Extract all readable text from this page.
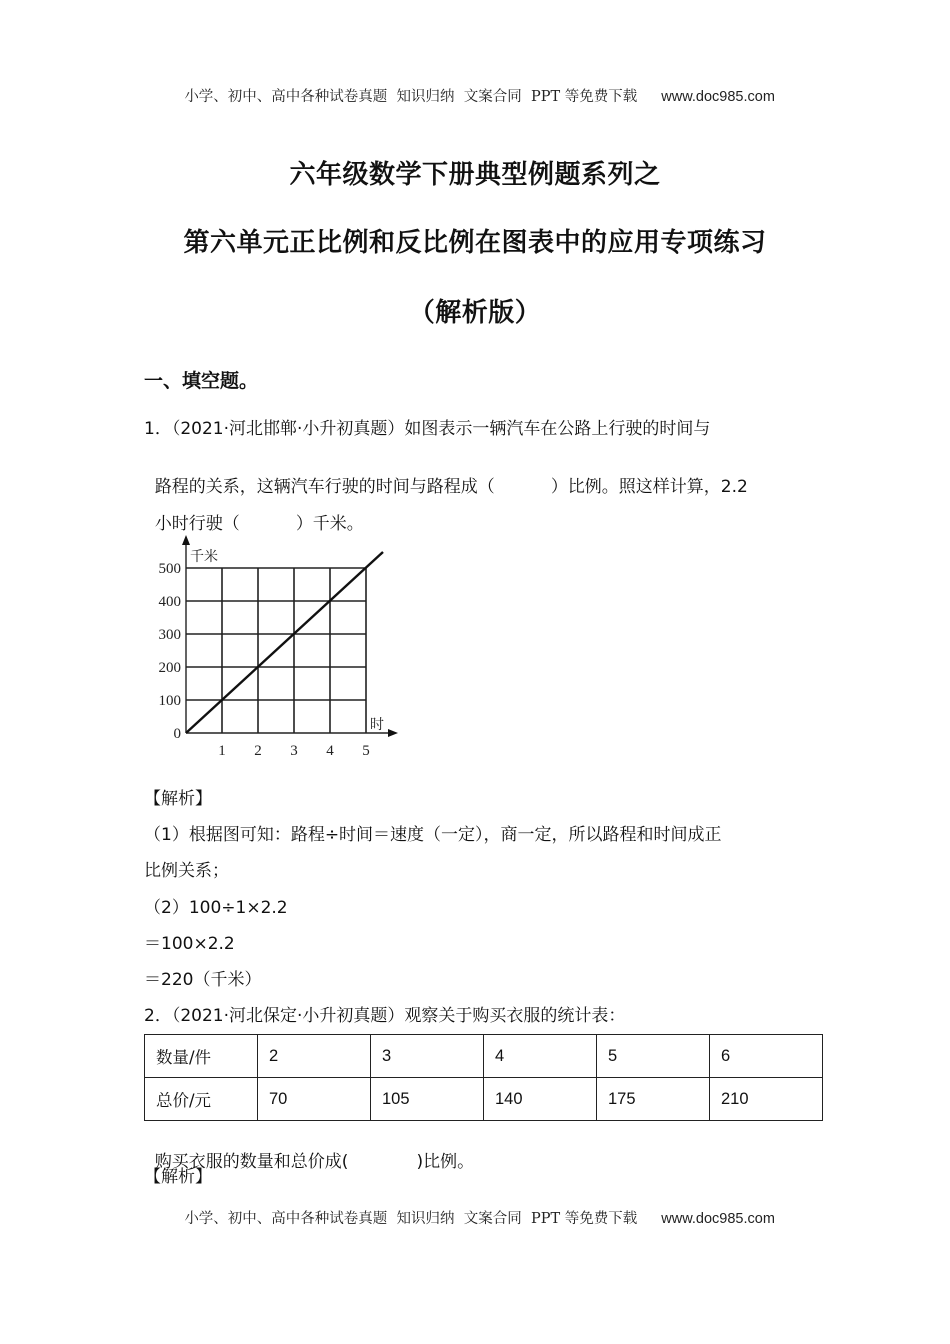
小学、初中、高中各种试卷真题  知识归纳  文案合同  PPT 等免费下载 www.doc985.com

六年级数学下册典型例题系列之
第六单元正比例和反比例在图表中的应用专项练习
（解析版）
一、填空题。
1．（2021·河北邯郸·小升初真题）如图表示一辆汽车在公路上行驶的时间与

路程的关系，这辆汽车行驶的时间与路程成（	）比例。照这样计算，2.2

小时行驶（	）千米。

千米
时
0
100
200
300
400
500
1 2 3 4 5
【解析】
（1）根据图可知：路程÷时间＝速度（一定），商一定，所以路程和时间成正
比例关系；
（2）100÷1×2.2
＝100×2.2
＝220（千米）
2．（2021·河北保定·小升初真题）观察关于购买衣服的统计表：
数量/件	2	3	4	5	6
总价/元	70	105	140	175	210

购买衣服的数量和总价成(	)比例。

【解析】

小学、初中、高中各种试卷真题  知识归纳  文案合同  PPT 等免费下载 www.doc985.com
